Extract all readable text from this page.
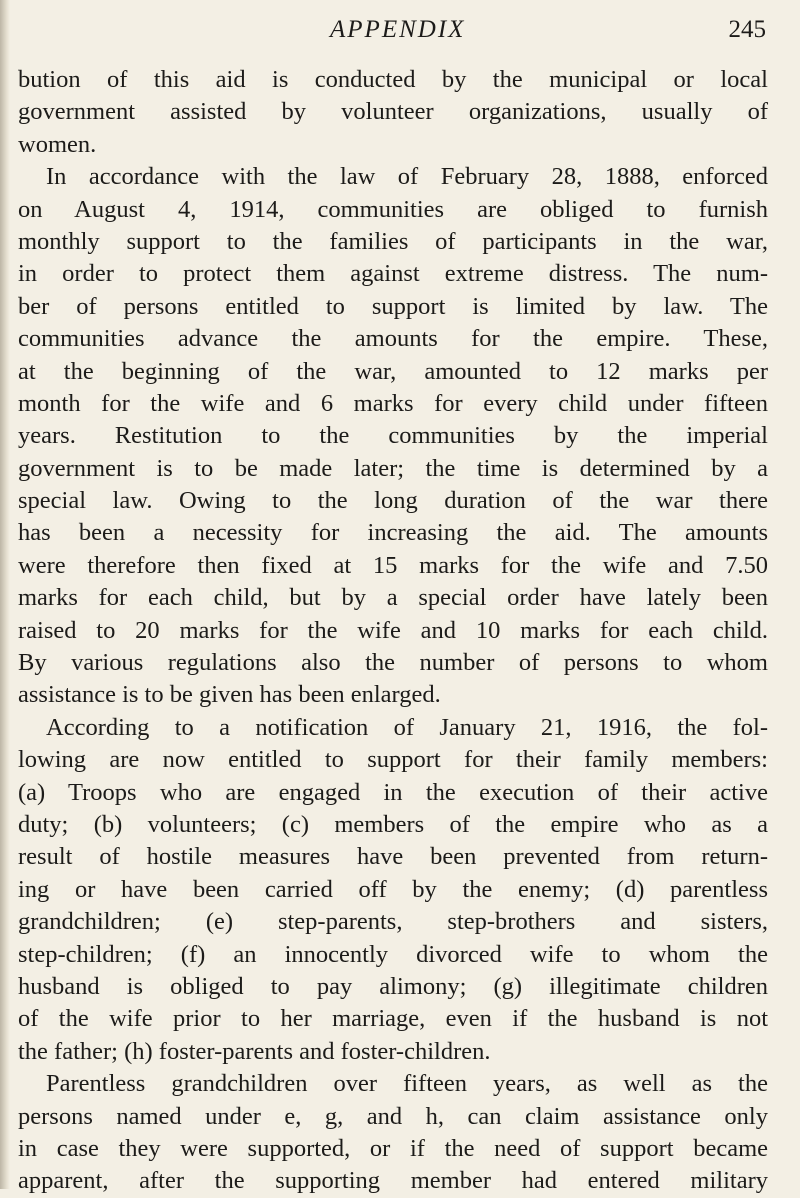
APPENDIX	245
bution of this aid is conducted by the municipal or local
government assisted by volunteer organizations, usually of
women.
In accordance with the law of February 28, 1888, enforced
on August 4, 1914, communities are obliged to furnish
monthly support to the families of participants in the war,
in order to protect them against extreme distress. The num-
ber of persons entitled to support is limited by law. The
communities advance the amounts for the empire. These,
at the beginning of the war, amounted to 12 marks per
month for the wife and 6 marks for every child under fifteen
years. Restitution to the communities by the imperial
government is to be made later; the time is determined by a
special law. Owing to the long duration of the war there
has been a necessity for increasing the aid. The amounts
were therefore then fixed at 15 marks for the wife and 7.50
marks for each child, but by a special order have lately been
raised to 20 marks for the wife and 10 marks for each child.
By various regulations also the number of persons to whom
assistance is to be given has been enlarged.
According to a notification of January 21, 1916, the fol-
lowing are now entitled to support for their family members:
(a) Troops who are engaged in the execution of their active
duty; (b) volunteers; (c) members of the empire who as a
result of hostile measures have been prevented from return-
ing or have been carried off by the enemy; (d) parentless
grandchildren; (e) step-parents, step-brothers and sisters,
step-children; (f) an innocently divorced wife to whom the
husband is obliged to pay alimony; (g) illegitimate children
of the wife prior to her marriage, even if the husband is not
the father; (h) foster-parents and foster-children.
Parentless grandchildren over fifteen years, as well as the
persons named under e, g, and h, can claim assistance only
in case they were supported, or if the need of support became
apparent, after the supporting member had entered military
